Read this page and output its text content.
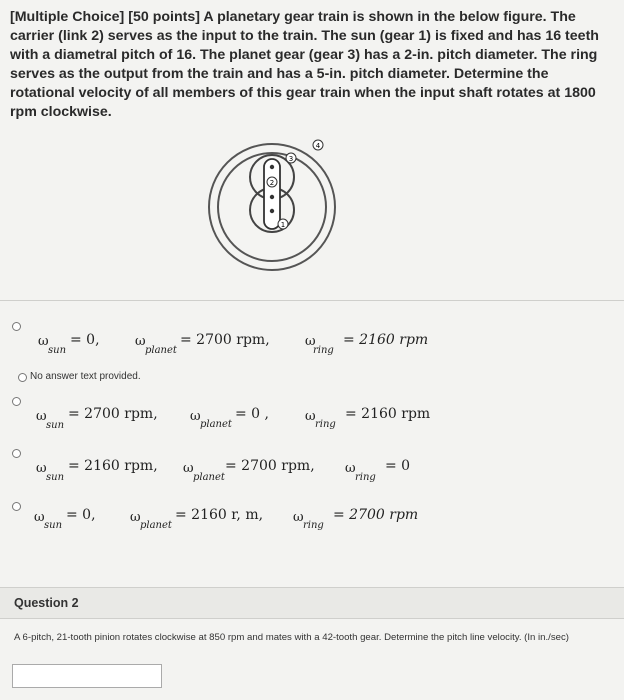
[Multiple Choice] [50 points] A planetary gear train is shown in the below figure. The carrier (link 2) serves as the input to the train. The sun (gear 1) is fixed and has 16 teeth with a diametral pitch of 16. The planet gear (gear 3) has a 2-in. pitch diameter. The ring serves as the output from the train and has a 5-in. pitch diameter. Determine the rotational velocity of all members of this gear train when the input shaft rotates at 1800 rpm clockwise.

2
3
1
4
ω
sun
= 0,	ω
planet
= 2700 rpm,	ω
ring
= 2160 rpm
No answer text provided.
ω
sun
= 2700 rpm, ω
planet
= 0 ,	ω
ring
= 2160 rpm
ω
sun
= 2160 rpm, ω
planet
= 2700 rpm, ω
ring
= 0
ω
sun
= 0,	ω
planet
= 2160 r, m, ω
ring
= 2700 rpm
Question 2
A 6-pitch, 21-tooth pinion rotates clockwise at 850 rpm and mates with a 42-tooth gear. Determine the pitch line velocity. (In in./sec)
